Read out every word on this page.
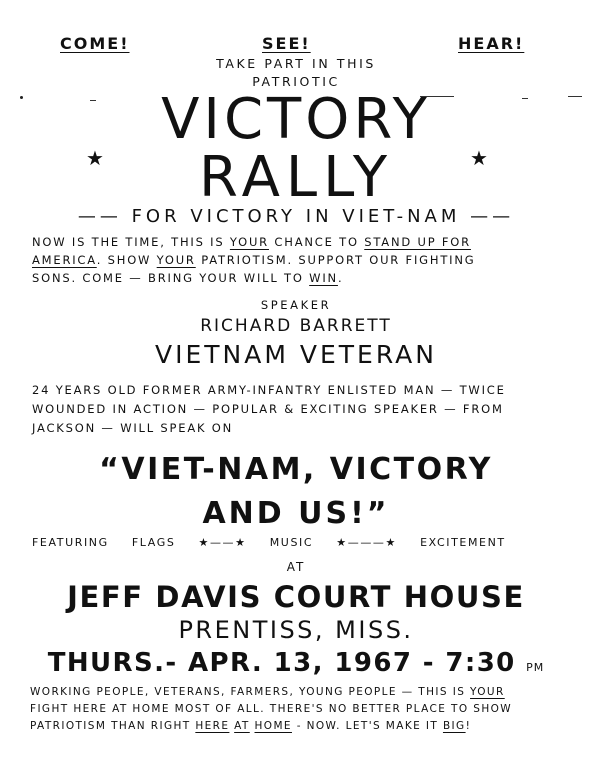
COME!	SEE!	HEAR!
TAKE PART IN THIS
PATRIOTIC
VICTORY
★	RALLY	★
—— FOR VICTORY IN VIET-NAM ——
NOW IS THE TIME, THIS IS YOUR CHANCE TO STAND UP FOR
AMERICA. SHOW YOUR PATRIOTISM. SUPPORT OUR FIGHTING
SONS. COME — BRING YOUR WILL TO WIN.
SPEAKER
RICHARD BARRETT
VIETNAM VETERAN
24 YEARS OLD FORMER ARMY-INFANTRY ENLISTED MAN — TWICE
WOUNDED IN ACTION — POPULAR & EXCITING SPEAKER — FROM
JACKSON — WILL SPEAK ON
“VIET-NAM, VICTORY
AND US!”
FEATURING FLAGS ★——★ MUSIC ★———★ EXCITEMENT
AT
JEFF DAVIS COURT HOUSE
PRENTISS, MISS.
THURS.- APR. 13, 1967 - 7:30 PM
WORKING PEOPLE, VETERANS, FARMERS, YOUNG PEOPLE — THIS IS YOUR
FIGHT HERE AT HOME MOST OF ALL. THERE'S NO BETTER PLACE TO SHOW
PATRIOTISM THAN RIGHT HERE AT HOME - NOW. LET'S MAKE IT BIG!
